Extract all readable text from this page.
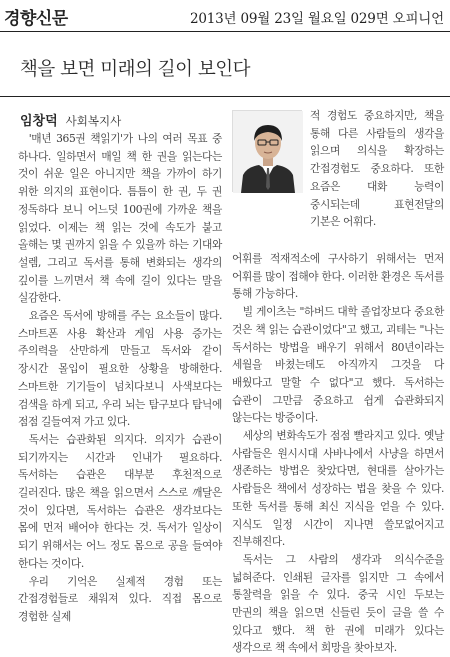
경향신문	2013년 09월 23일 월요일 029면 오피니언
책을 보면 미래의 길이 보인다
임창덕 사회복지사

'매년 365권 책읽기'가 나의 여러 목표 중 하나다. 일하면서 매일 책 한 권을 읽는다는 것이 쉬운 일은 아니지만 책을 가까이 하기 위한 의지의 표현이다. 틈틈이 한 권, 두 권 정독하다 보니 어느덧 100권에 가까운 책을 읽었다. 이제는 책 읽는 것에 속도가 붙고 올해는 몇 권까지 읽을 수 있을까 하는 기대와 설렘, 그리고 독서를 통해 변화되는 생각의 깊이를 느끼면서 책 속에 길이 있다는 말을 실감한다.

요즘은 독서에 방해를 주는 요소들이 많다. 스마트폰 사용 확산과 게임 사용 증가는 주의력을 산만하게 만들고 독서와 같이 장시간 몰입이 필요한 상황을 방해한다. 스마트한 기기들이 넘치다보니 사색보다는 검색을 하게 되고, 우리 뇌는 탐구보다 탐닉에 점점 길들여져 가고 있다.

독서는 습관화된 의지다. 의지가 습관이 되기까지는 시간과 인내가 필요하다. 독서하는 습관은 대부분 후천적으로 길러진다. 많은 책을 읽으면서 스스로 깨달은 것이 있다면, 독서하는 습관은 생각보다는 몸에 먼저 배어야 한다는 것. 독서가 일상이 되기 위해서는 어느 정도 몸으로 공을 들여야 한다는 것이다.

우리 기억은 실제적 경험 또는 간접경험들로 채워져 있다. 직접 몸으로 경험한 실제

적 경험도 중요하지만, 책을 통해 다른 사람들의 생각을 읽으며 의식을 확장하는 간접경험도 중요하다. 또한 요즘은 대화 능력이 중시되는데 표현전달의 기본은 어휘다.

어휘를 적재적소에 구사하기 위해서는 먼저 어휘를 많이 접해야 한다. 이러한 환경은 독서를 통해 가능하다.

빌 게이츠는 "하버드 대학 졸업장보다 중요한 것은 책 읽는 습관이었다"고 했고, 괴테는 "나는 독서하는 방법을 배우기 위해서 80년이라는 세월을 바쳤는데도 아직까지 그것을 다 배웠다고 말할 수 없다"고 했다. 독서하는 습관이 그만큼 중요하고 쉽게 습관화되지 않는다는 방증이다.

세상의 변화속도가 점점 빨라지고 있다. 옛날 사람들은 원시시대 사바나에서 사냥을 하면서 생존하는 방법은 찾았다면, 현대를 살아가는 사람들은 책에서 성장하는 법을 찾을 수 있다. 또한 독서를 통해 최신 지식을 얻을 수 있다. 지식도 일정 시간이 지나면 쓸모없어지고 진부해진다.

독서는 그 사람의 생각과 의식수준을 넓혀준다. 인쇄된 글자를 읽지만 그 속에서 통찰력을 읽을 수 있다. 중국 시인 두보는 만권의 책을 읽으면 신들린 듯이 글을 쓸 수 있다고 했다. 책 한 권에 미래가 있다는 생각으로 책 속에서 희망을 찾아보자.
